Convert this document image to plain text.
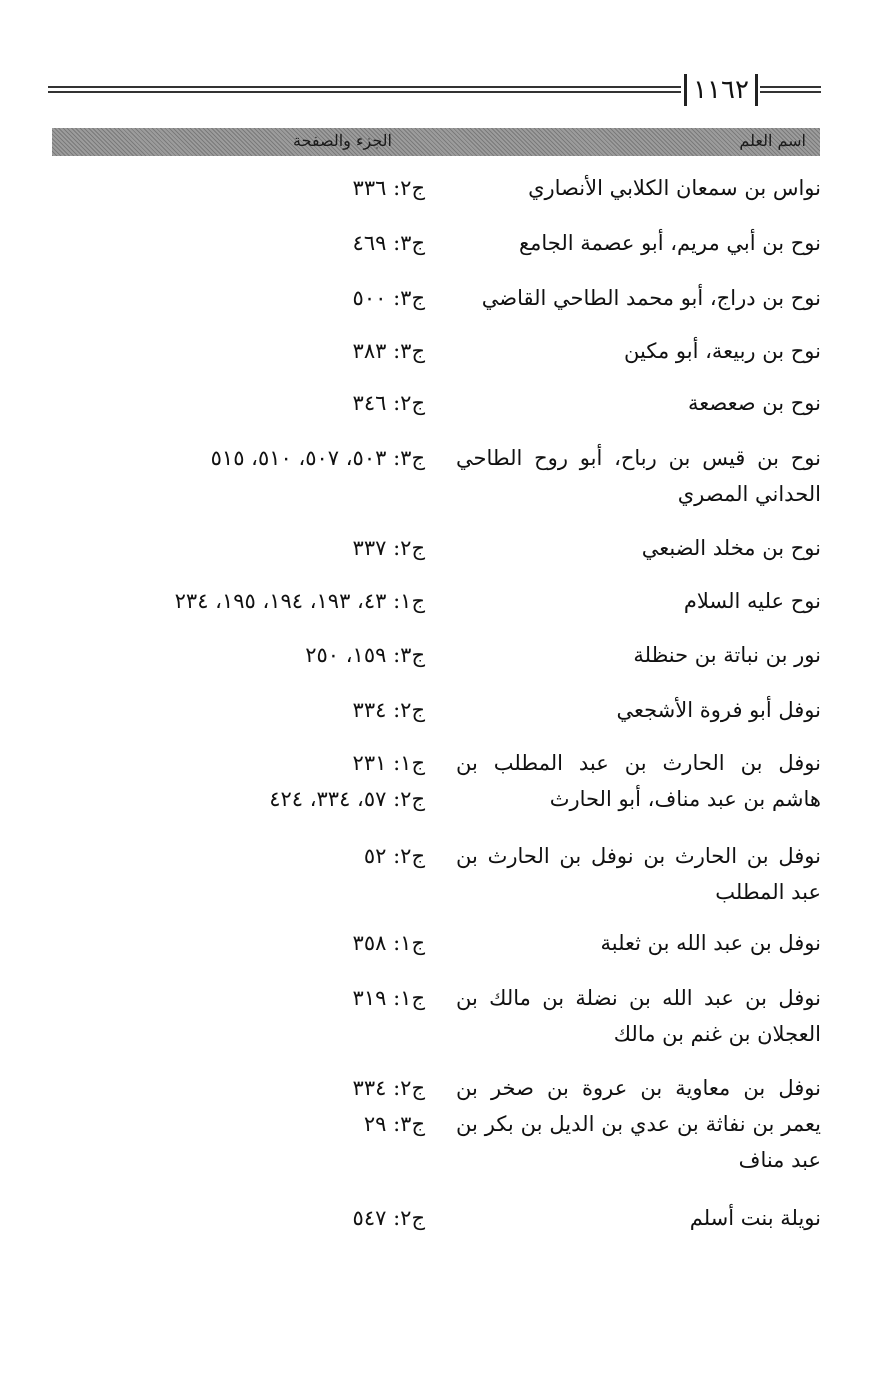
١١٦٢
اسم العلم
الجزء والصفحة
نواس بن سمعان الكلابي الأنصاري
ج٢: ٣٣٦
نوح بن أبي مريم، أبو عصمة الجامع
ج٣: ٤٦٩
نوح بن دراج، أبو محمد الطاحي القاضي
ج٣: ٥٠٠
نوح بن ربيعة، أبو مكين
ج٣: ٣٨٣
نوح بن صعصعة
ج٢: ٣٤٦
نوح بن قيس بن رباح، أبو روح الطاحي الحداني المصري
ج٣: ٥٠٣، ٥٠٧، ٥١٠، ٥١٥
نوح بن مخلد الضبعي
ج٢: ٣٣٧
نوح عليه السلام
ج١: ٤٣، ١٩٣، ١٩٤، ١٩٥، ٢٣٤
نور بن نباتة بن حنظلة
ج٣: ١٥٩، ٢٥٠
نوفل أبو فروة الأشجعي
ج٢: ٣٣٤
نوفل بن الحارث بن عبد المطلب بن هاشم بن عبد مناف، أبو الحارث
ج١: ٢٣١
ج٢: ٥٧، ٣٣٤، ٤٢٤
نوفل بن الحارث بن نوفل بن الحارث بن عبد المطلب
ج٢: ٥٢
نوفل بن عبد الله بن ثعلبة
ج١: ٣٥٨
نوفل بن عبد الله بن نضلة بن مالك بن العجلان بن غنم بن مالك
ج١: ٣١٩
نوفل بن معاوية بن عروة بن صخر بن يعمر بن نفاثة بن عدي بن الديل بن بكر بن عبد مناف
ج٢: ٣٣٤
ج٣: ٢٩
نويلة بنت أسلم
ج٢: ٥٤٧
